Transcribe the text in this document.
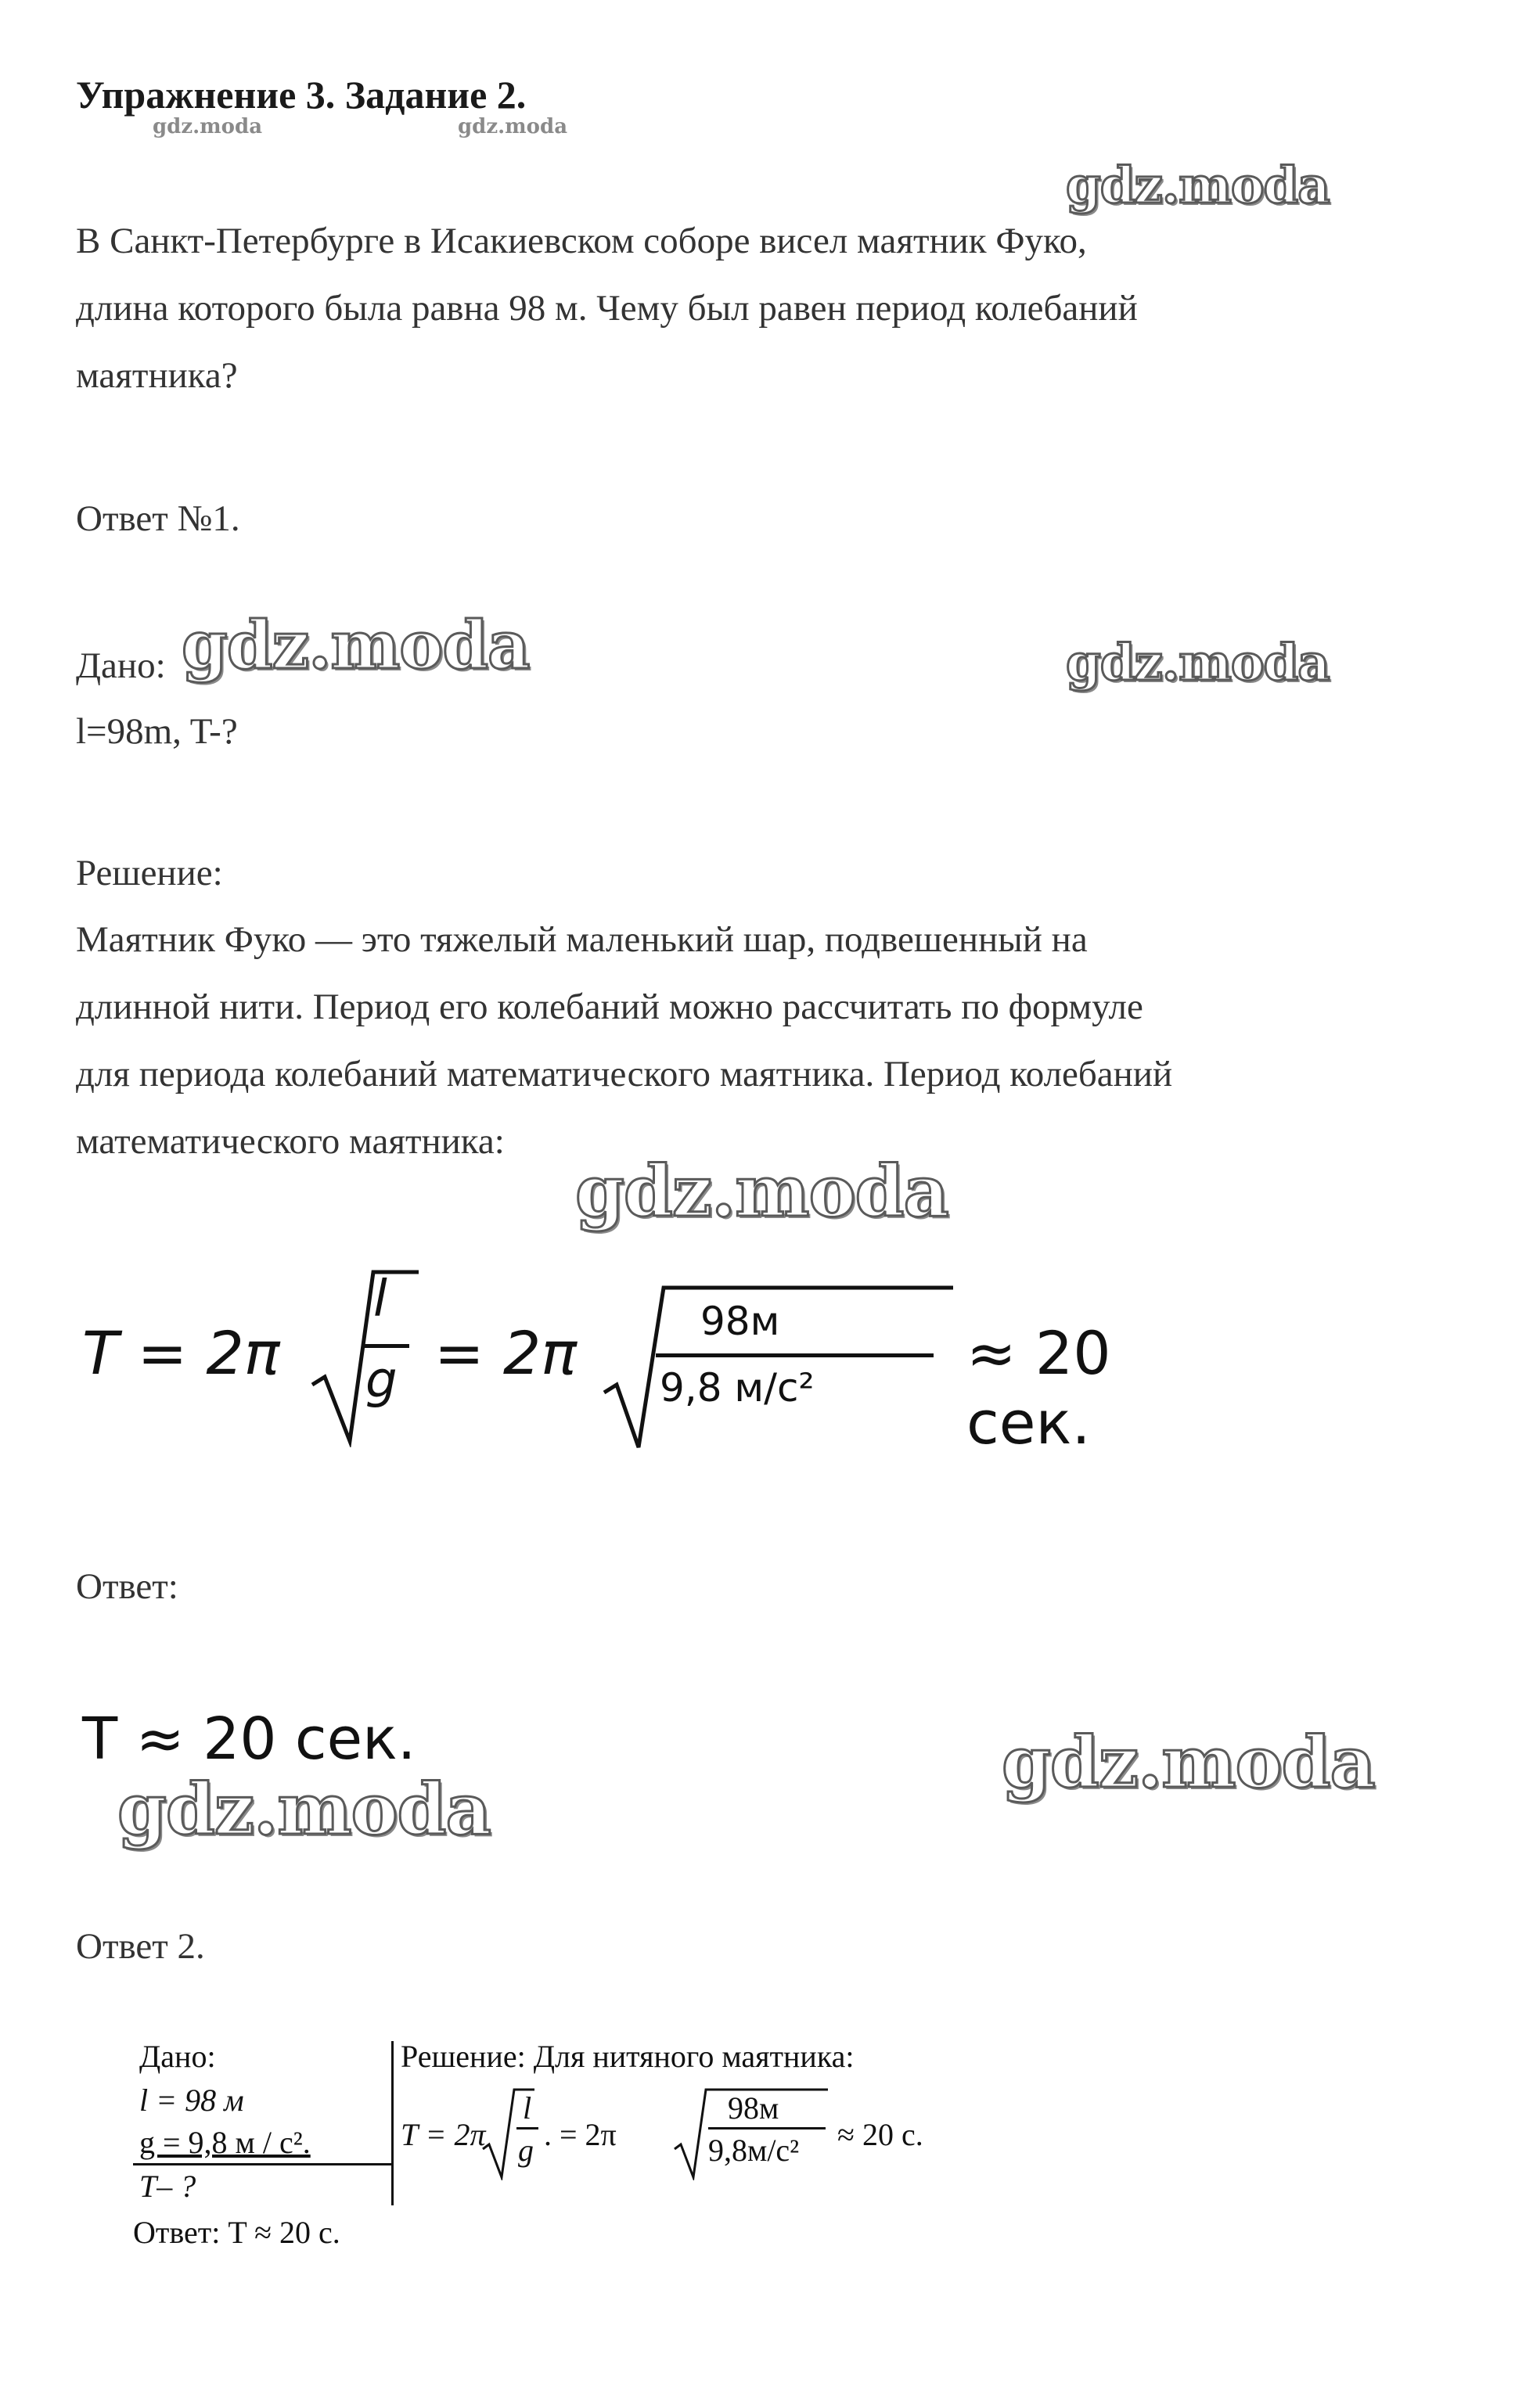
Упражнение 3. Задание 2.
gdz.moda	gdz.moda
gdz.moda
В Санкт-Петербурге в Исакиевском соборе висел маятник Фуко,
длина которого была равна 98 м. Чему был равен период колебаний
маятника?
Ответ №1.
Дано: gdz.moda	gdz.moda
l=98m, T-?
Решение:
Маятник Фуко — это тяжелый маленький шар, подвешенный на
длинной нити. Период его колебаний можно рассчитать по формуле
для периода колебаний математического маятника. Период колебаний
математического маятника:
gdz.moda
T = 2π
l
g = 2π	98м
9,8 м/с²	≈ 20 сек.
Ответ:
T ≈ 20 сек.
gdz.moda
gdz.moda
Ответ 2.
Дано:
l = 98 м
g = 9,8 м / с².
T– ?
Ответ: T ≈ 20 с.
Решение: Для нитяного маятника:
T = 2π
l
g . = 2π
98м
9,8м/с² ≈ 20 с.
